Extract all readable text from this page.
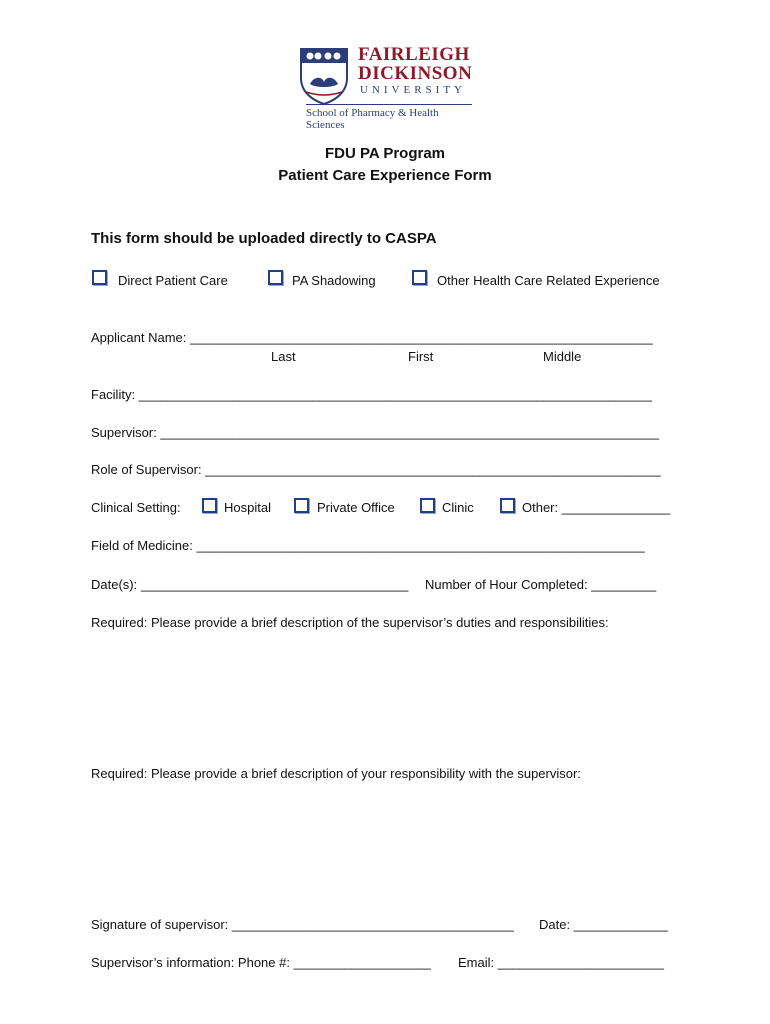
FAIRLEIGH
DICKINSON
UNIVERSITY
School of Pharmacy & Health Sciences
FDU PA Program
Patient Care Experience Form
This form should be uploaded directly to CASPA
Direct Patient Care	PA Shadowing	Other Health Care Related Experience
Applicant Name: ________________________________________________________________
Last	First	Middle
Facility: _______________________________________________________________________
Supervisor: _____________________________________________________________________
Role of Supervisor: _______________________________________________________________
Clinical Setting:	Hospital	Private Office	Clinic	Other: _______________
Field of Medicine: ______________________________________________________________
Date(s): _____________________________________ Number of Hour Completed: _________
Required: Please provide a brief description of the supervisor’s duties and responsibilities:
Required: Please provide a brief description of your responsibility with the supervisor:
Signature of supervisor: _______________________________________ Date: _____________
Supervisor’s information: Phone #: ___________________ Email: _______________________
